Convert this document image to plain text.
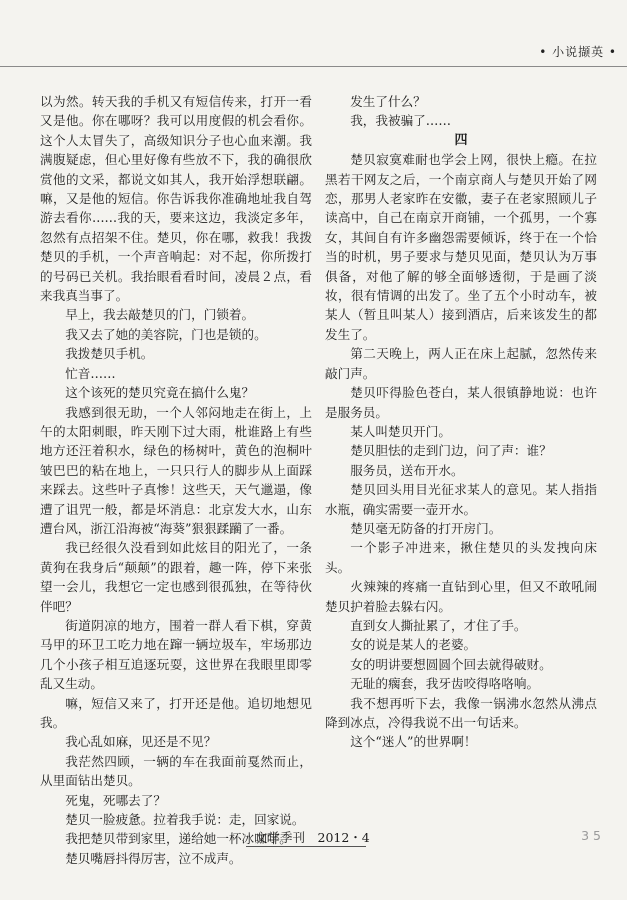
• 小说撷英 •

以为然。转天我的手机又有短信传来，打开一看又是他。你在哪呀？我可以用度假的机会看你。这个人太冒失了，高级知识分子也心血来潮。我满腹疑虑，但心里好像有些放不下，我的确很欣赏他的文采，都说文如其人，我开始浮想联翩。嘛，又是他的短信。你告诉我你准确地址我自驾游去看你……我的天，要来这边，我淡定多年，忽然有点招架不住。楚贝，你在哪，救我！我拨楚贝的手机，一个声音响起：对不起，你所拨打的号码已关机。我抬眼看看时间，凌晨２点，看来我真当事了。

早上，我去敲楚贝的门，门锁着。

我又去了她的美容院，门也是锁的。

我拨楚贝手机。

忙音……

这个该死的楚贝究竟在搞什么鬼？

我感到很无助，一个人邻闷地走在街上，上午的太阳刺眼，昨天刚下过大雨，枇谁路上有些地方还汪着积水，绿色的杨树叶，黄色的泡桐叶皱巴巴的粘在地上，一只只行人的脚步从上面踩来踩去。这些叶子真惨！这些天，天气邋遢，像遭了诅咒一般，都是坏消息：北京发大水，山东遭台风，浙江沿海被“海葵”狠狠蹂躏了一番。

我已经很久没看到如此炫目的阳光了，一条黄狗在我身后“颠颠”的跟着，趣一阵，停下来张望一会儿，我想它一定也感到很孤独，在等待伙伴吧？

街道阴凉的地方，围着一群人看下棋，穿黄马甲的环卫工吃力地在蹿一辆垃圾车，牢场那边几个小孩子相互追逐玩耍，这世界在我眼里即零乱又生动。

嘛，短信又来了，打开还是他。追切地想见我。

我心乱如麻，见还是不见？

我茫然四顾，一辆的车在我面前戛然而止，从里面钻出楚贝。

死鬼，死哪去了？

楚贝一脸疲惫。拉着我手说：走，回家说。

我把楚贝带到家里，递给她一杯冰咖啡。

楚贝嘴唇抖得厉害，泣不成声。

发生了什么？

我，我被骗了……

四

楚贝寂寞难耐也学会上网，很快上瘾。在拉黑若干网友之后，一个南京商人与楚贝开始了网恋，那男人老家昨在安徽，妻子在老家照顾儿子读高中，自己在南京开商铺，一个孤男，一个寡女，其间自有许多幽怨需要倾诉，终于在一个恰当的时机，男子要求与楚贝见面，楚贝认为万事俱备，对他了解的够全面够透彻，于是画了淡妆，很有情调的出发了。坐了五个小时动车，被某人（暂且叫某人）接到酒店，后来该发生的都发生了。

第二天晚上，两人正在床上起腻，忽然传来敲门声。

楚贝吓得脸色苍白，某人很镇静地说：也许是服务员。

某人叫楚贝开门。

楚贝胆怯的走到门边，问了声：谁？

服务员，送布开水。

楚贝回头用目光征求某人的意见。某人指指水瓶，确实需要一壶开水。

楚贝毫无防备的打开房门。

一个影子冲进来，揪住楚贝的头发拽向床头。

火辣辣的疼痛一直钻到心里，但又不敢吼闹楚贝护着脸去躲右闪。

直到女人撕扯累了，才住了手。

女的说是某人的老婆。

女的明讲要想圆圆个回去就得破财。

无耻的瘸套，我牙齿咬得咯咯响。

我不想再听下去，我像一锅沸水忽然从沸点降到冰点，冷得我说不出一句话来。

这个“迷人”的世界啊！

文学季刊　2012・4	35
